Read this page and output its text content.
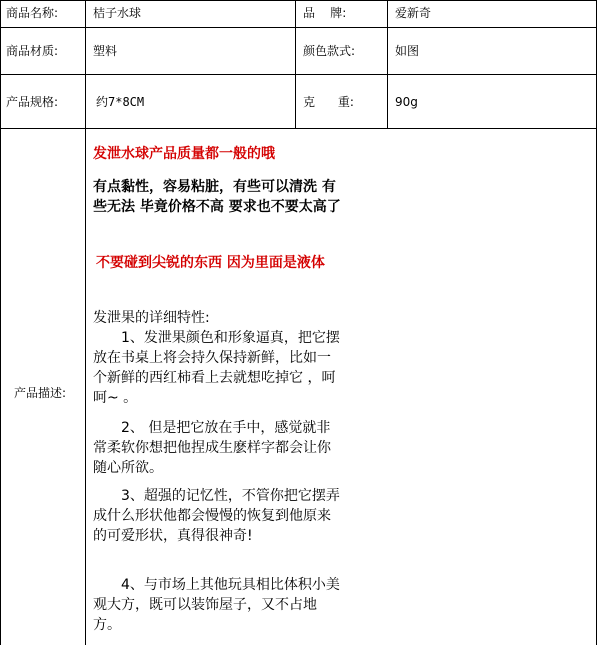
商品名称:	桔子水球	品    牌:	爱新奇
商品材质:	塑料	颜色款式:	如图
产品规格:	约7*8CM	克      重:	90g
产品描述:
发泄水球产品质量都一般的哦
有点黏性，容易粘脏，有些可以清洗 有些无法 毕竟价格不高 要求也不要太高了
不要碰到尖锐的东西 因为里面是液体
发泄果的详细特性:
1、发泄果颜色和形象逼真，把它摆放在书桌上将会持久保持新鲜，比如一个新鲜的西红柿看上去就想吃掉它 ，呵呵~ 。
2、 但是把它放在手中，感觉就非常柔软你想把他捏成生麽样字都会让你随心所欲。
3、超强的记忆性，不管你把它摆弄成什么形状他都会慢慢的恢复到他原来的可爱形状，真得很神奇!
4、与市场上其他玩具相比体积小美观大方，既可以装饰屋子，又不占地方。
